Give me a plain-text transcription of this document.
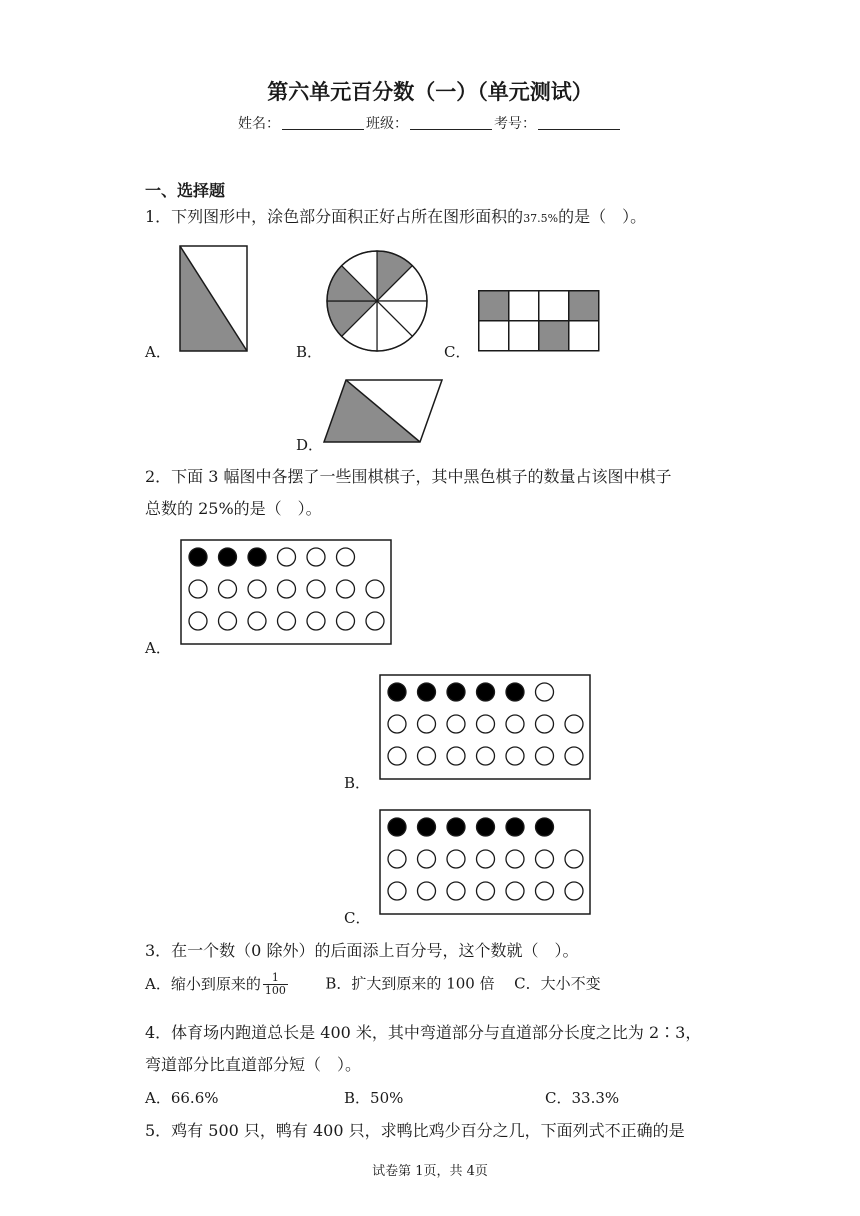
第六单元百分数（一）（单元测试）
姓名：	班级：	考号：
一、选择题
1．下列图形中，涂色部分面积正好占所在图形面积的37.5%的是（　）。
A．	B．	C．
D．
2．下面 3 幅图中各摆了一些围棋棋子，其中黑色棋子的数量占该图中棋子
总数的 25%的是（　）。
A．
B．
C．
3．在一个数（0 除外）的后面添上百分号，这个数就（　）。
A．缩小到原来的 $\frac{1}{100}$	B．扩大到原来的 100 倍 C．大小不变
4．体育场内跑道总长是 400 米，其中弯道部分与直道部分长度之比为 2∶3，
弯道部分比直道部分短（　）。
A．66.6%	B．50%	C．33.3%
5．鸡有 500 只，鸭有 400 只，求鸭比鸡少百分之几，下面列式不正确的是
试卷第 1页，共 4页
